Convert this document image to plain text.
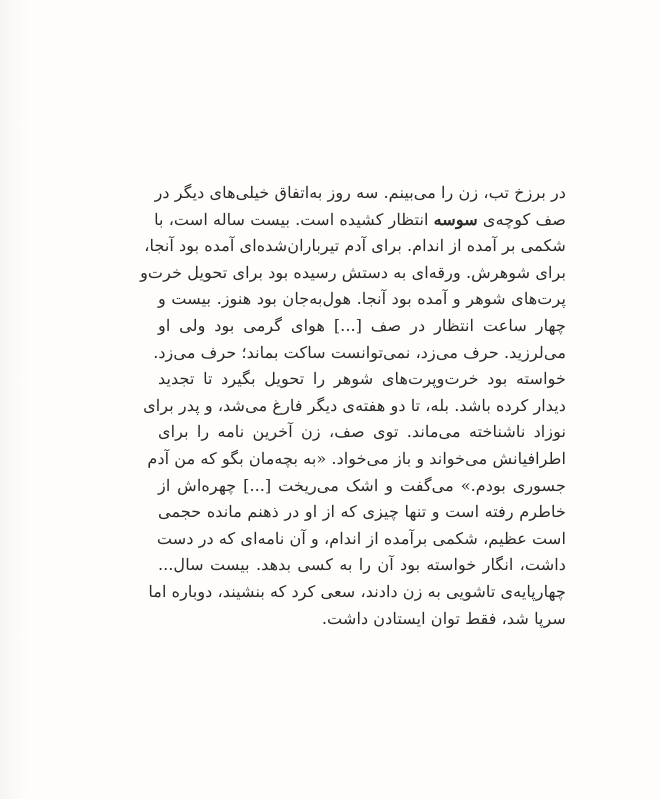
در برزخ تب، زن را می‌بینم. سه روز به‌اتفاق خیلی‌های دیگر در
صف کوچه‌ی سوسه انتظار کشیده است. بیست ساله است، با
شکمی بر آمده از اندام. برای آدم تیرباران‌شده‌ای آمده بود آنجا،
برای شوهرش. ورقه‌ای به دستش رسیده بود برای تحویل خرت‌و
پرت‌های شوهر و آمده بود آنجا. هول‌به‌جان بود هنوز. بیست و
چهار ساعت انتظار در صف [...] هوای گرمی بود ولی او
می‌لرزید. حرف می‌زد، نمی‌توانست ساکت بماند؛ حرف می‌زد.
خواسته بود خرت‌وپرت‌های شوهر را تحویل بگیرد تا تجدید
دیدار کرده باشد. بله، تا دو هفته‌ی دیگر فارغ می‌شد، و پدر برای
نوزاد ناشناخته می‌ماند. توی صف، زن آخرین نامه را برای
اطرافیانش می‌خواند و باز می‌خواد. «به بچه‌مان بگو که من آدم
جسوری بودم.» می‌گفت و اشک می‌ریخت [...] چهره‌اش از
خاطرم رفته است و تنها چیزی که از او در ذهنم مانده حجمی
است عظیم، شکمی برآمده از اندام، و آن نامه‌ای که در دست
داشت، انگار خواسته بود آن را به کسی بدهد. بیست سال...
چهارپایه‌ی تاشویی به زن دادند، سعی کرد که بنشیند، دوباره اما
سرپا شد، فقط توان ایستادن داشت.
